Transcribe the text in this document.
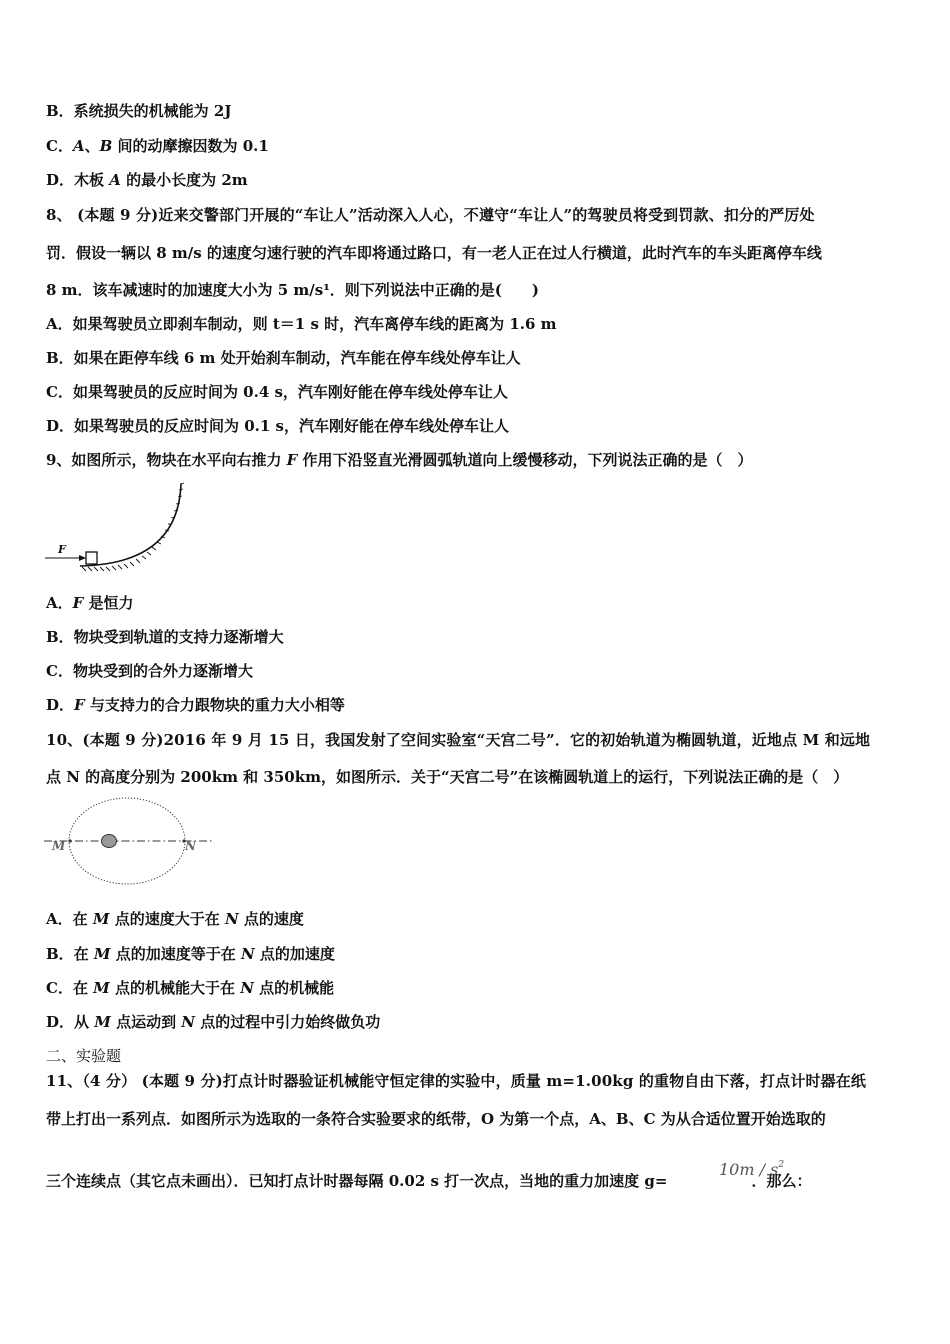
B．系统损失的机械能为 2J
C．A、B 间的动摩擦因数为 0.1
D．木板 A 的最小长度为 2m
8、 (本题 9 分)近来交警部门开展的“车让人”活动深入人心，不遵守“车让人”的驾驶员将受到罚款、扣分的严厉处
罚．假设一辆以 8 m/s 的速度匀速行驶的汽车即将通过路口，有一老人正在过人行横道，此时汽车的车头距离停车线
8 m．该车减速时的加速度大小为 5 m/s¹．则下列说法中正确的是(　　)
A．如果驾驶员立即刹车制动，则 t＝1 s 时，汽车离停车线的距离为 1.6 m
B．如果在距停车线 6 m 处开始刹车制动，汽车能在停车线处停车让人
C．如果驾驶员的反应时间为 0.4 s，汽车刚好能在停车线处停车让人
D．如果驾驶员的反应时间为 0.1 s，汽车刚好能在停车线处停车让人
9、如图所示，物块在水平向右推力 F 作用下沿竖直光滑圆弧轨道向上缓慢移动，下列说法正确的是（　）
F
A．F 是恒力
B．物块受到轨道的支持力逐渐增大
C．物块受到的合外力逐渐增大
D．F 与支持力的合力跟物块的重力大小相等
10、(本题 9 分)2016 年 9 月 15 日，我国发射了空间实验室“天宫二号”．它的初始轨道为椭圆轨道，近地点 M 和远地
点 N 的高度分别为 200km 和 350km，如图所示．关于“天宫二号”在该椭圆轨道上的运行，下列说法正确的是（　）
M	N
A．在 M 点的速度大于在 N 点的速度
B．在 M 点的加速度等于在 N 点的加速度
C．在 M 点的机械能大于在 N 点的机械能
D．从 M 点运动到 N 点的过程中引力始终做负功
二、实验题
11、（4 分） (本题 9 分)打点计时器验证机械能守恒定律的实验中，质量 m=1.00kg 的重物自由下落，打点计时器在纸
带上打出一系列点．如图所示为选取的一条符合实验要求的纸带，O 为第一个点，A、B、C 为从合适位置开始选取的
三个连续点（其它点未画出）．已知打点计时器每隔 0.02 s 打一次点，当地的重力加速度 g=	．那么：
$10m / s^2$
